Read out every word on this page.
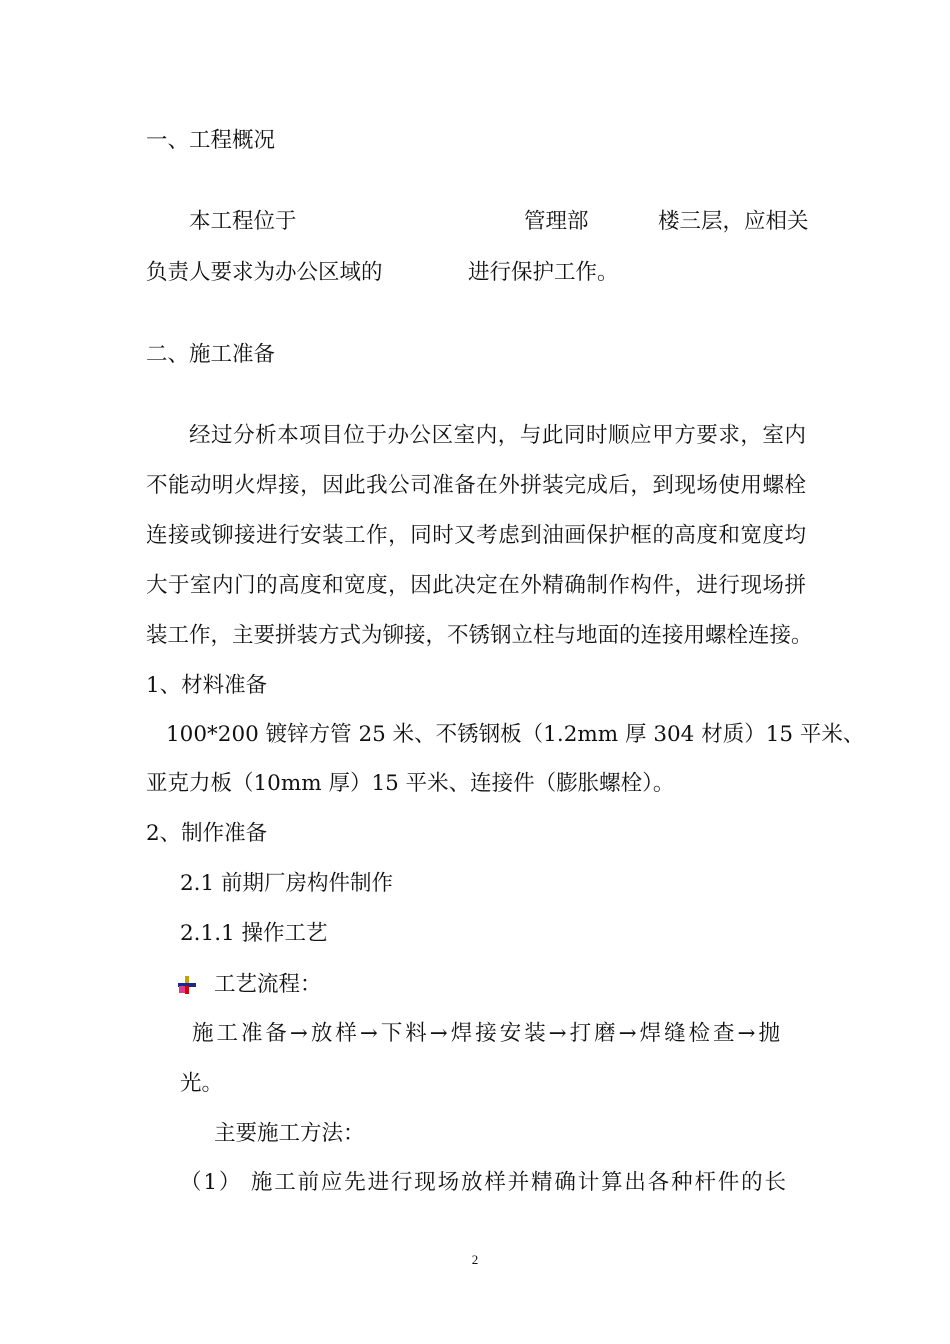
一、工程概况
本工程位于	管理部	楼三层，应相关
负责人要求为办公区域的	进行保护工作。
二、施工准备
经过分析本项目位于办公区室内，与此同时顺应甲方要求，室内
不能动明火焊接，因此我公司准备在外拼装完成后，到现场使用螺栓
连接或铆接进行安装工作，同时又考虑到油画保护框的高度和宽度均
大于室内门的高度和宽度，因此决定在外精确制作构件，进行现场拼
装工作，主要拼装方式为铆接，不锈钢立柱与地面的连接用螺栓连接。
1、材料准备
100*200 镀锌方管 25 米、不锈钢板（1.2mm 厚 304 材质）15 平米、
亚克力板（10mm 厚）15 平米、连接件（膨胀螺栓）。
2、制作准备
2.1 前期厂房构件制作
2.1.1 操作工艺
工艺流程：
施工准备→放样→下料→焊接安装→打磨→焊缝检查→抛
光。
主要施工方法：
（1） 施工前应先进行现场放样并精确计算出各种杆件的长
2
